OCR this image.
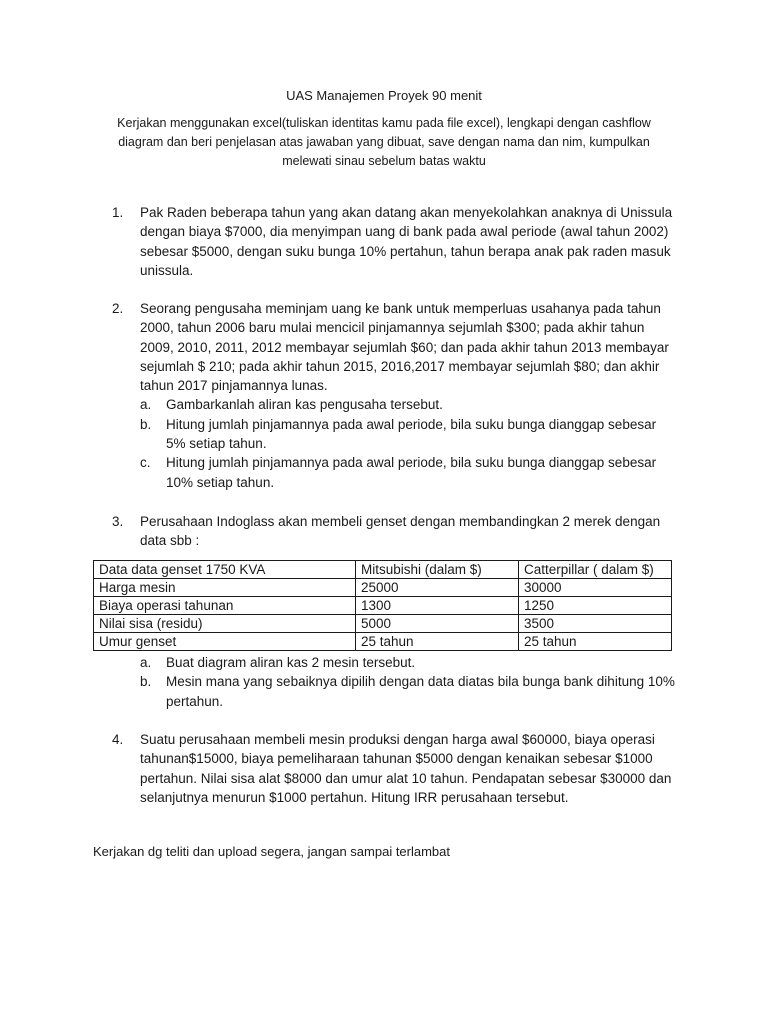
UAS Manajemen Proyek 90 menit
Kerjakan menggunakan excel(tuliskan identitas kamu pada file excel), lengkapi dengan cashflow diagram dan beri penjelasan atas jawaban yang dibuat, save dengan nama dan nim, kumpulkan melewati sinau sebelum batas waktu
1. Pak Raden beberapa tahun yang akan datang akan menyekolahkan anaknya di Unissula dengan biaya $7000, dia menyimpan uang di bank pada awal periode (awal tahun 2002) sebesar $5000, dengan suku bunga 10% pertahun, tahun berapa anak pak raden masuk unissula.
2. Seorang pengusaha meminjam uang ke bank untuk memperluas usahanya pada tahun 2000, tahun 2006 baru mulai mencicil pinjamannya sejumlah $300; pada akhir tahun 2009, 2010, 2011, 2012 membayar sejumlah $60; dan pada akhir tahun 2013 membayar sejumlah $ 210; pada akhir tahun 2015, 2016,2017 membayar sejumlah $80; dan akhir tahun 2017 pinjamannya lunas.
a. Gambarkanlah aliran kas pengusaha tersebut.
b. Hitung jumlah pinjamannya pada awal periode, bila suku bunga dianggap sebesar 5% setiap tahun.
c. Hitung jumlah pinjamannya pada awal periode, bila suku bunga dianggap sebesar 10% setiap tahun.
3. Perusahaan Indoglass akan membeli genset dengan membandingkan 2 merek dengan data sbb :
Data data genset 1750 KVA	Mitsubishi (dalam $)	Catterpillar ( dalam $)
Harga mesin	25000	30000
Biaya operasi tahunan	1300	1250
Nilai sisa (residu)	5000	3500
Umur genset	25 tahun	25 tahun
a. Buat diagram aliran kas 2 mesin tersebut.
b. Mesin mana yang sebaiknya dipilih dengan data diatas bila bunga bank dihitung 10% pertahun.
4. Suatu perusahaan membeli mesin produksi dengan harga awal $60000, biaya operasi tahunan$15000, biaya pemeliharaan tahunan $5000 dengan kenaikan sebesar $1000 pertahun. Nilai sisa alat $8000 dan umur alat 10 tahun. Pendapatan sebesar $30000 dan selanjutnya menurun $1000 pertahun. Hitung IRR perusahaan tersebut.
Kerjakan dg teliti dan upload segera, jangan sampai terlambat
